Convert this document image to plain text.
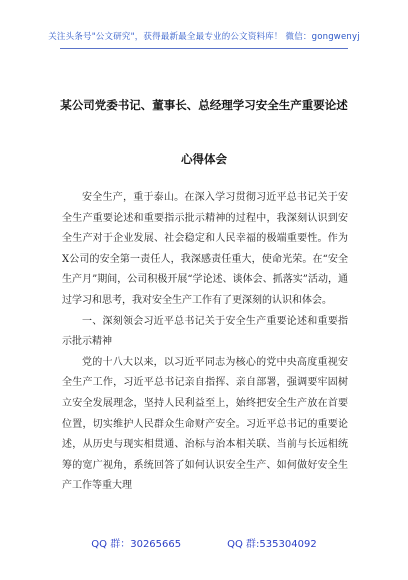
关注头条号"公文研究"，获得最新最全最专业的公文资料库！ 微信：gongwenyj
某公司党委书记、董事长、总经理学习安全生产重要论述
心得体会

安全生产，重于泰山。在深入学习贯彻习近平总书记关于安全生产重要论述和重要指示批示精神的过程中，我深刻认识到安全生产对于企业发展、社会稳定和人民幸福的极端重要性。作为X公司的安全第一责任人，我深感责任重大，使命光荣。在“安全生产月”期间，公司积极开展“学论述、谈体会、抓落实”活动，通过学习和思考，我对安全生产工作有了更深刻的认识和体会。

一、深刻领会习近平总书记关于安全生产重要论述和重要指示批示精神

党的十八大以来，以习近平同志为核心的党中央高度重视安全生产工作，习近平总书记亲自指挥、亲自部署，强调要牢固树立安全发展理念，坚持人民利益至上，始终把安全生产放在首要位置，切实维护人民群众生命财产安全。习近平总书记的重要论述，从历史与现实相贯通、治标与治本相关联、当前与长远相统筹的宽广视角，系统回答了如何认识安全生产、如何做好安全生产工作等重大理

QQ 群：30265665	QQ 群:535304092
